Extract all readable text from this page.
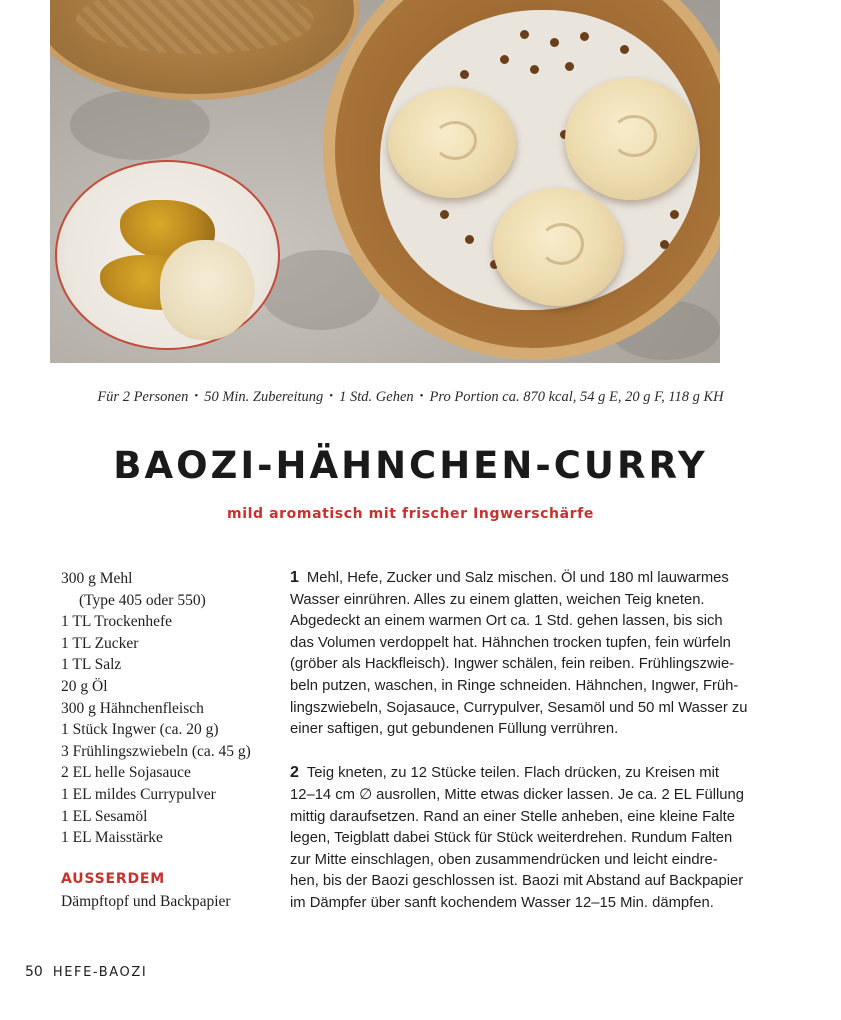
Für 2 Personen • 50 Min. Zubereitung • 1 Std. Gehen • Pro Portion ca. 870 kcal, 54 g E, 20 g F, 118 g KH
BAOZI-HÄHNCHEN-CURRY
mild aromatisch mit frischer Ingwerschärfe
300 g Mehl
(Type 405 oder 550)
1 TL Trockenhefe
1 TL Zucker
1 TL Salz
20 g Öl
300 g Hähnchenfleisch
1 Stück Ingwer (ca. 20 g)
3 Frühlingszwiebeln (ca. 45 g)
2 EL helle Sojasauce
1 EL mildes Currypulver
1 EL Sesamöl
1 EL Maisstärke
AUSSERDEM
Dämpftopf und Backpapier

1 Mehl, Hefe, Zucker und Salz mischen. Öl und 180 ml lauwarmes

Wasser einrühren. Alles zu einem glatten, weichen Teig kneten.

Abgedeckt an einem warmen Ort ca. 1 Std. gehen lassen, bis sich

das Volumen verdoppelt hat. Hähnchen trocken tupfen, fein würfeln

(gröber als Hackfleisch). Ingwer schälen, fein reiben. Frühlingszwie-

beln putzen, waschen, in Ringe schneiden. Hähnchen, Ingwer, Früh-

lingszwiebeln, Sojasauce, Currypulver, Sesamöl und 50 ml Wasser zu

einer saftigen, gut gebundenen Füllung verrühren.

2 Teig kneten, zu 12 Stücke teilen. Flach drücken, zu Kreisen mit

12–14 cm ∅ ausrollen, Mitte etwas dicker lassen. Je ca. 2 EL Füllung

mittig daraufsetzen. Rand an einer Stelle anheben, eine kleine Falte

legen, Teigblatt dabei Stück für Stück weiterdrehen. Rundum Falten

zur Mitte einschlagen, oben zusammendrücken und leicht eindre-

hen, bis der Baozi geschlossen ist. Baozi mit Abstand auf Backpapier

im Dämpfer über sanft kochendem Wasser 12–15 Min. dämpfen.

50 HEFE-BAOZI
